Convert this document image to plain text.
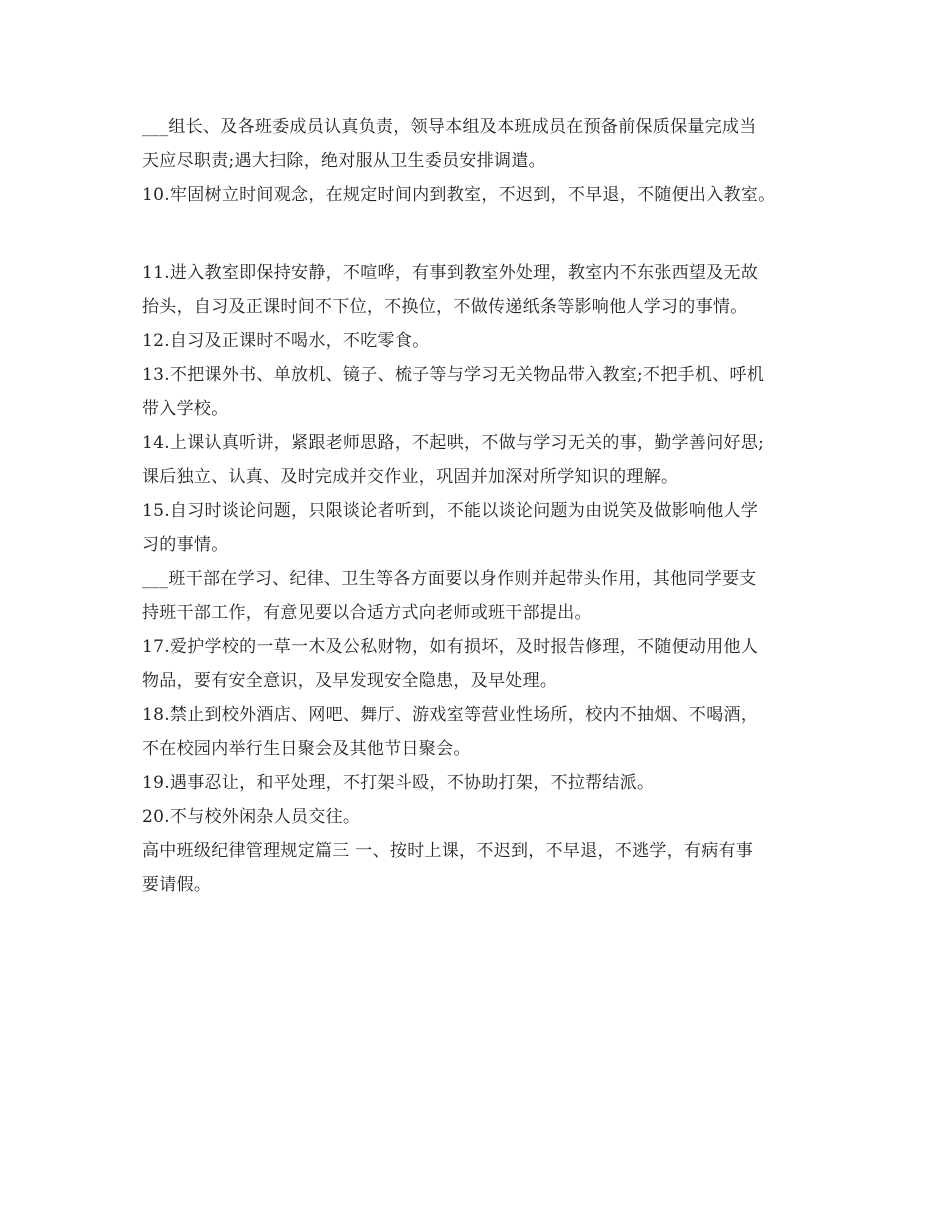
___组长、及各班委成员认真负责，领导本组及本班成员在预备前保质保量完成当
天应尽职责;遇大扫除，绝对服从卫生委员安排调遣。
10.牢固树立时间观念，在规定时间内到教室，不迟到，不早退，不随便出入教室。
11.进入教室即保持安静，不喧哗，有事到教室外处理，教室内不东张西望及无故
抬头，自习及正课时间不下位，不换位，不做传递纸条等影响他人学习的事情。
12.自习及正课时不喝水，不吃零食。
13.不把课外书、单放机、镜子、梳子等与学习无关物品带入教室;不把手机、呼机
带入学校。
14.上课认真听讲，紧跟老师思路，不起哄，不做与学习无关的事，勤学善问好思;
课后独立、认真、及时完成并交作业，巩固并加深对所学知识的理解。
15.自习时谈论问题，只限谈论者听到，不能以谈论问题为由说笑及做影响他人学
习的事情。
___班干部在学习、纪律、卫生等各方面要以身作则并起带头作用，其他同学要支
持班干部工作，有意见要以合适方式向老师或班干部提出。
17.爱护学校的一草一木及公私财物，如有损坏，及时报告修理，不随便动用他人
物品，要有安全意识，及早发现安全隐患，及早处理。
18.禁止到校外酒店、网吧、舞厅、游戏室等营业性场所，校内不抽烟、不喝酒，
不在校园内举行生日聚会及其他节日聚会。
19.遇事忍让，和平处理，不打架斗殴，不协助打架，不拉帮结派。
20.不与校外闲杂人员交往。
高中班级纪律管理规定篇三 一、按时上课，不迟到，不早退，不逃学，有病有事
要请假。
